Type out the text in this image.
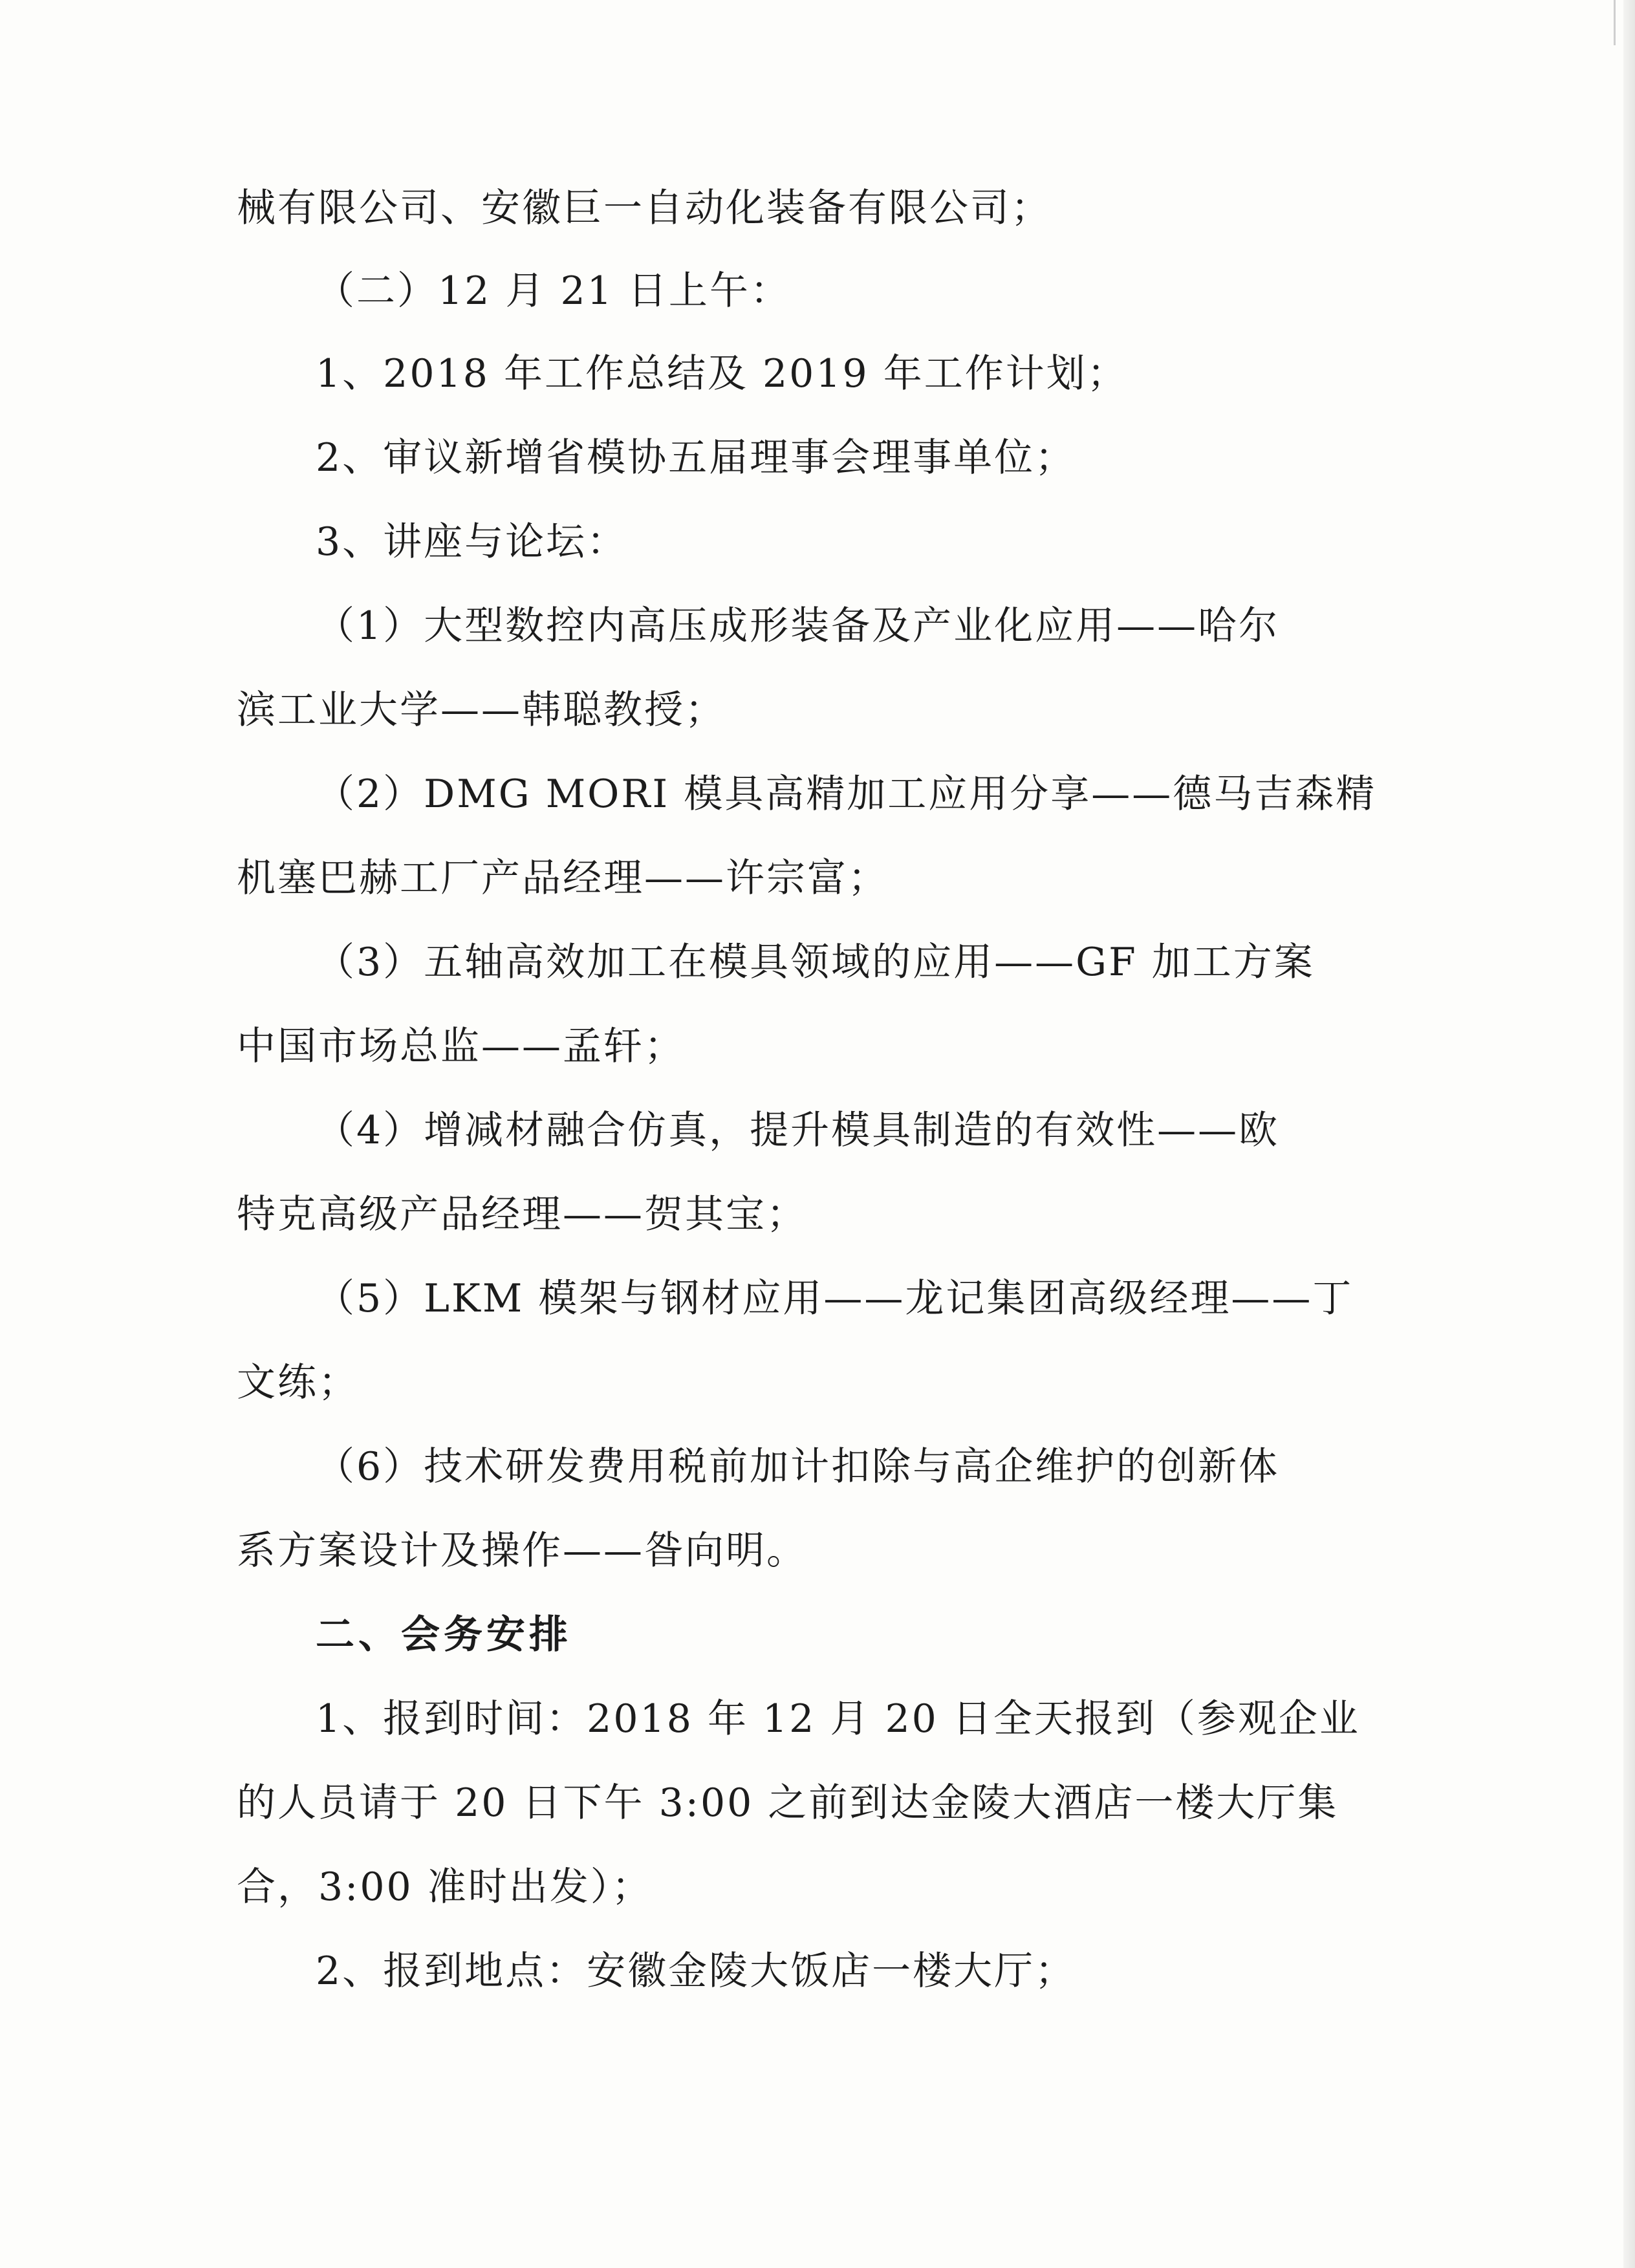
械有限公司、安徽巨一自动化装备有限公司；
（二）12 月 21 日上午：
1、2018 年工作总结及 2019 年工作计划；
2、审议新增省模协五届理事会理事单位；
3、讲座与论坛：
（1）大型数控内高压成形装备及产业化应用——哈尔
滨工业大学——韩聪教授；
（2）DMG MORI 模具高精加工应用分享——德马吉森精
机塞巴赫工厂产品经理——许宗富；
（3）五轴高效加工在模具领域的应用——GF 加工方案
中国市场总监——孟轩；
（4）增减材融合仿真，提升模具制造的有效性——欧
特克高级产品经理——贺其宝；
（5）LKM 模架与钢材应用——龙记集团高级经理——丁
文练；
（6）技术研发费用税前加计扣除与高企维护的创新体
系方案设计及操作——昝向明。
二、会务安排
1、报到时间：2018 年 12 月 20 日全天报到（参观企业
的人员请于 20 日下午 3:00 之前到达金陵大酒店一楼大厅集
合，3:00 准时出发）；
2、报到地点：安徽金陵大饭店一楼大厅；
